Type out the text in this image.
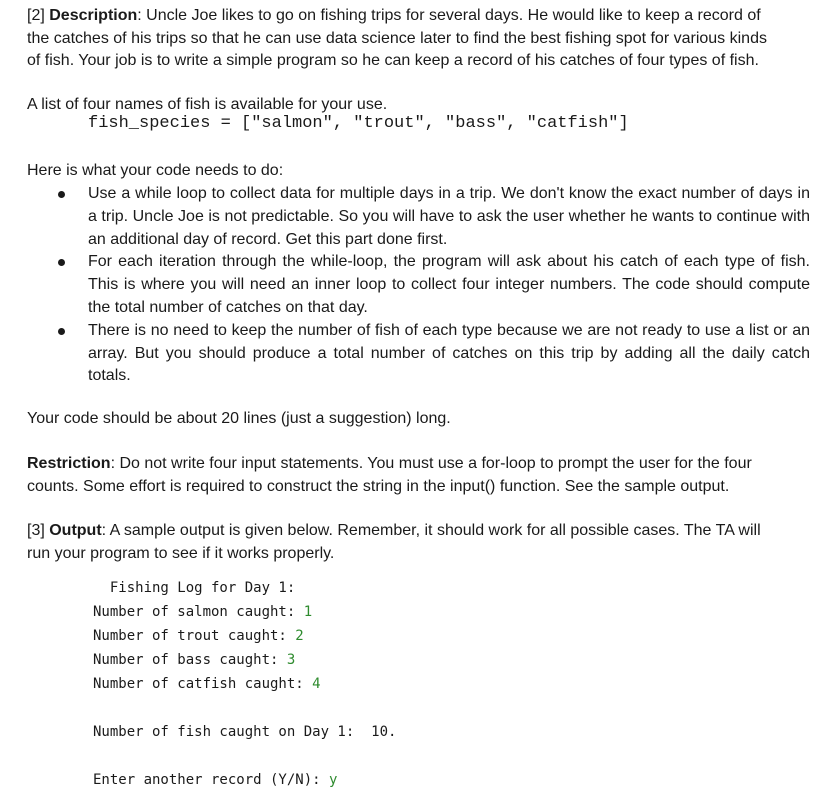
[2] Description: Uncle Joe likes to go on fishing trips for several days. He would like to keep a record of
the catches of his trips so that he can use data science later to find the best fishing spot for various kinds
of fish. Your job is to write a simple program so he can keep a record of his catches of four types of fish.
A list of four names of fish is available for your use.
fish_species = ["salmon", "trout", "bass", "catfish"]
Here is what your code needs to do:
Use a while loop to collect data for multiple days in a trip. We don't know the exact number of days in a trip. Uncle Joe is not predictable. So you will have to ask the user whether he wants to continue with an additional day of record. Get this part done first.
For each iteration through the while-loop, the program will ask about his catch of each type of fish. This is where you will need an inner loop to collect four integer numbers. The code should compute the total number of catches on that day.
There is no need to keep the number of fish of each type because we are not ready to use a list or an array. But you should produce a total number of catches on this trip by adding all the daily catch totals.
Your code should be about 20 lines (just a suggestion) long.
Restriction: Do not write four input statements. You must use a for-loop to prompt the user for the four
counts. Some effort is required to construct the string in the input() function. See the sample output.
[3] Output: A sample output is given below. Remember, it should work for all possible cases. The TA will
run your program to see if it works properly.
Fishing Log for Day 1:
Number of salmon caught: 1
Number of trout caught: 2
Number of bass caught: 3
Number of catfish caught: 4
Number of fish caught on Day 1:  10.
Enter another record (Y/N): y
